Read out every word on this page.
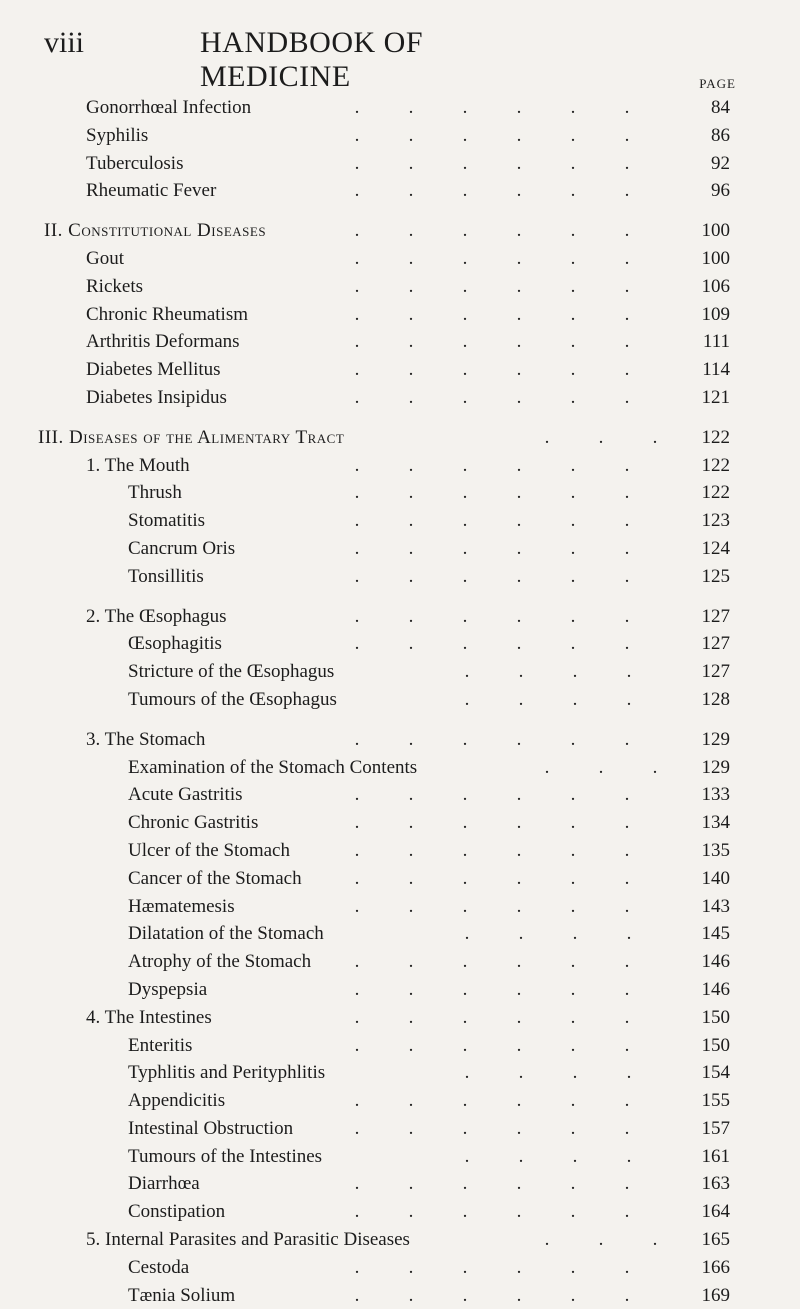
viii	HANDBOOK OF MEDICINE	PAGE
Gonorrhœal Infection	.	.	.	.	.	.	84
Syphilis	.	.	.	.	.	.	86
Tuberculosis	.	.	.	.	.	.	92
Rheumatic Fever	.	.	.	.	.	.	96
II. Constitutional Diseases	.	.	.	.	.	.	100
Gout	.	.	.	.	.	.	100
Rickets	.	.	.	.	.	.	106
Chronic Rheumatism	.	.	.	.	.	.	109
Arthritis Deformans	.	.	.	.	.	.	111
Diabetes Mellitus	.	.	.	.	.	.	114
Diabetes Insipidus	.	.	.	.	.	.	121
III. Diseases of the Alimentary Tract	.	.	.	122
1. The Mouth	.	.	.	.	.	.	122
Thrush	.	.	.	.	.	.	122
Stomatitis	.	.	.	.	.	.	123
Cancrum Oris	.	.	.	.	.	.	124
Tonsillitis	.	.	.	.	.	.	125
2. The Œsophagus	.	.	.	.	.	.	127
Œsophagitis	.	.	.	.	.	.	127
Stricture of the Œsophagus	.	.	.	.	127
Tumours of the Œsophagus	.	.	.	.	128
3. The Stomach	.	.	.	.	.	.	129
Examination of the Stomach Contents	.	.	.	129
Acute Gastritis	.	.	.	.	.	.	133
Chronic Gastritis	.	.	.	.	.	.	134
Ulcer of the Stomach	.	.	.	.	.	.	135
Cancer of the Stomach	.	.	.	.	.	.	140
Hæmatemesis	.	.	.	.	.	.	143
Dilatation of the Stomach	.	.	.	.	145
Atrophy of the Stomach	.	.	.	.	.	.	146
Dyspepsia	.	.	.	.	.	.	146
4. The Intestines	.	.	.	.	.	.	150
Enteritis	.	.	.	.	.	.	150
Typhlitis and Perityphlitis	.	.	.	.	154
Appendicitis	.	.	.	.	.	.	155
Intestinal Obstruction	.	.	.	.	.	.	157
Tumours of the Intestines	.	.	.	.	161
Diarrhœa	.	.	.	.	.	.	163
Constipation	.	.	.	.	.	.	164
5. Internal Parasites and Parasitic Diseases	.	.	.	165
Cestoda	.	.	.	.	.	.	166
Tænia Solium	.	.	.	.	.	.	169
